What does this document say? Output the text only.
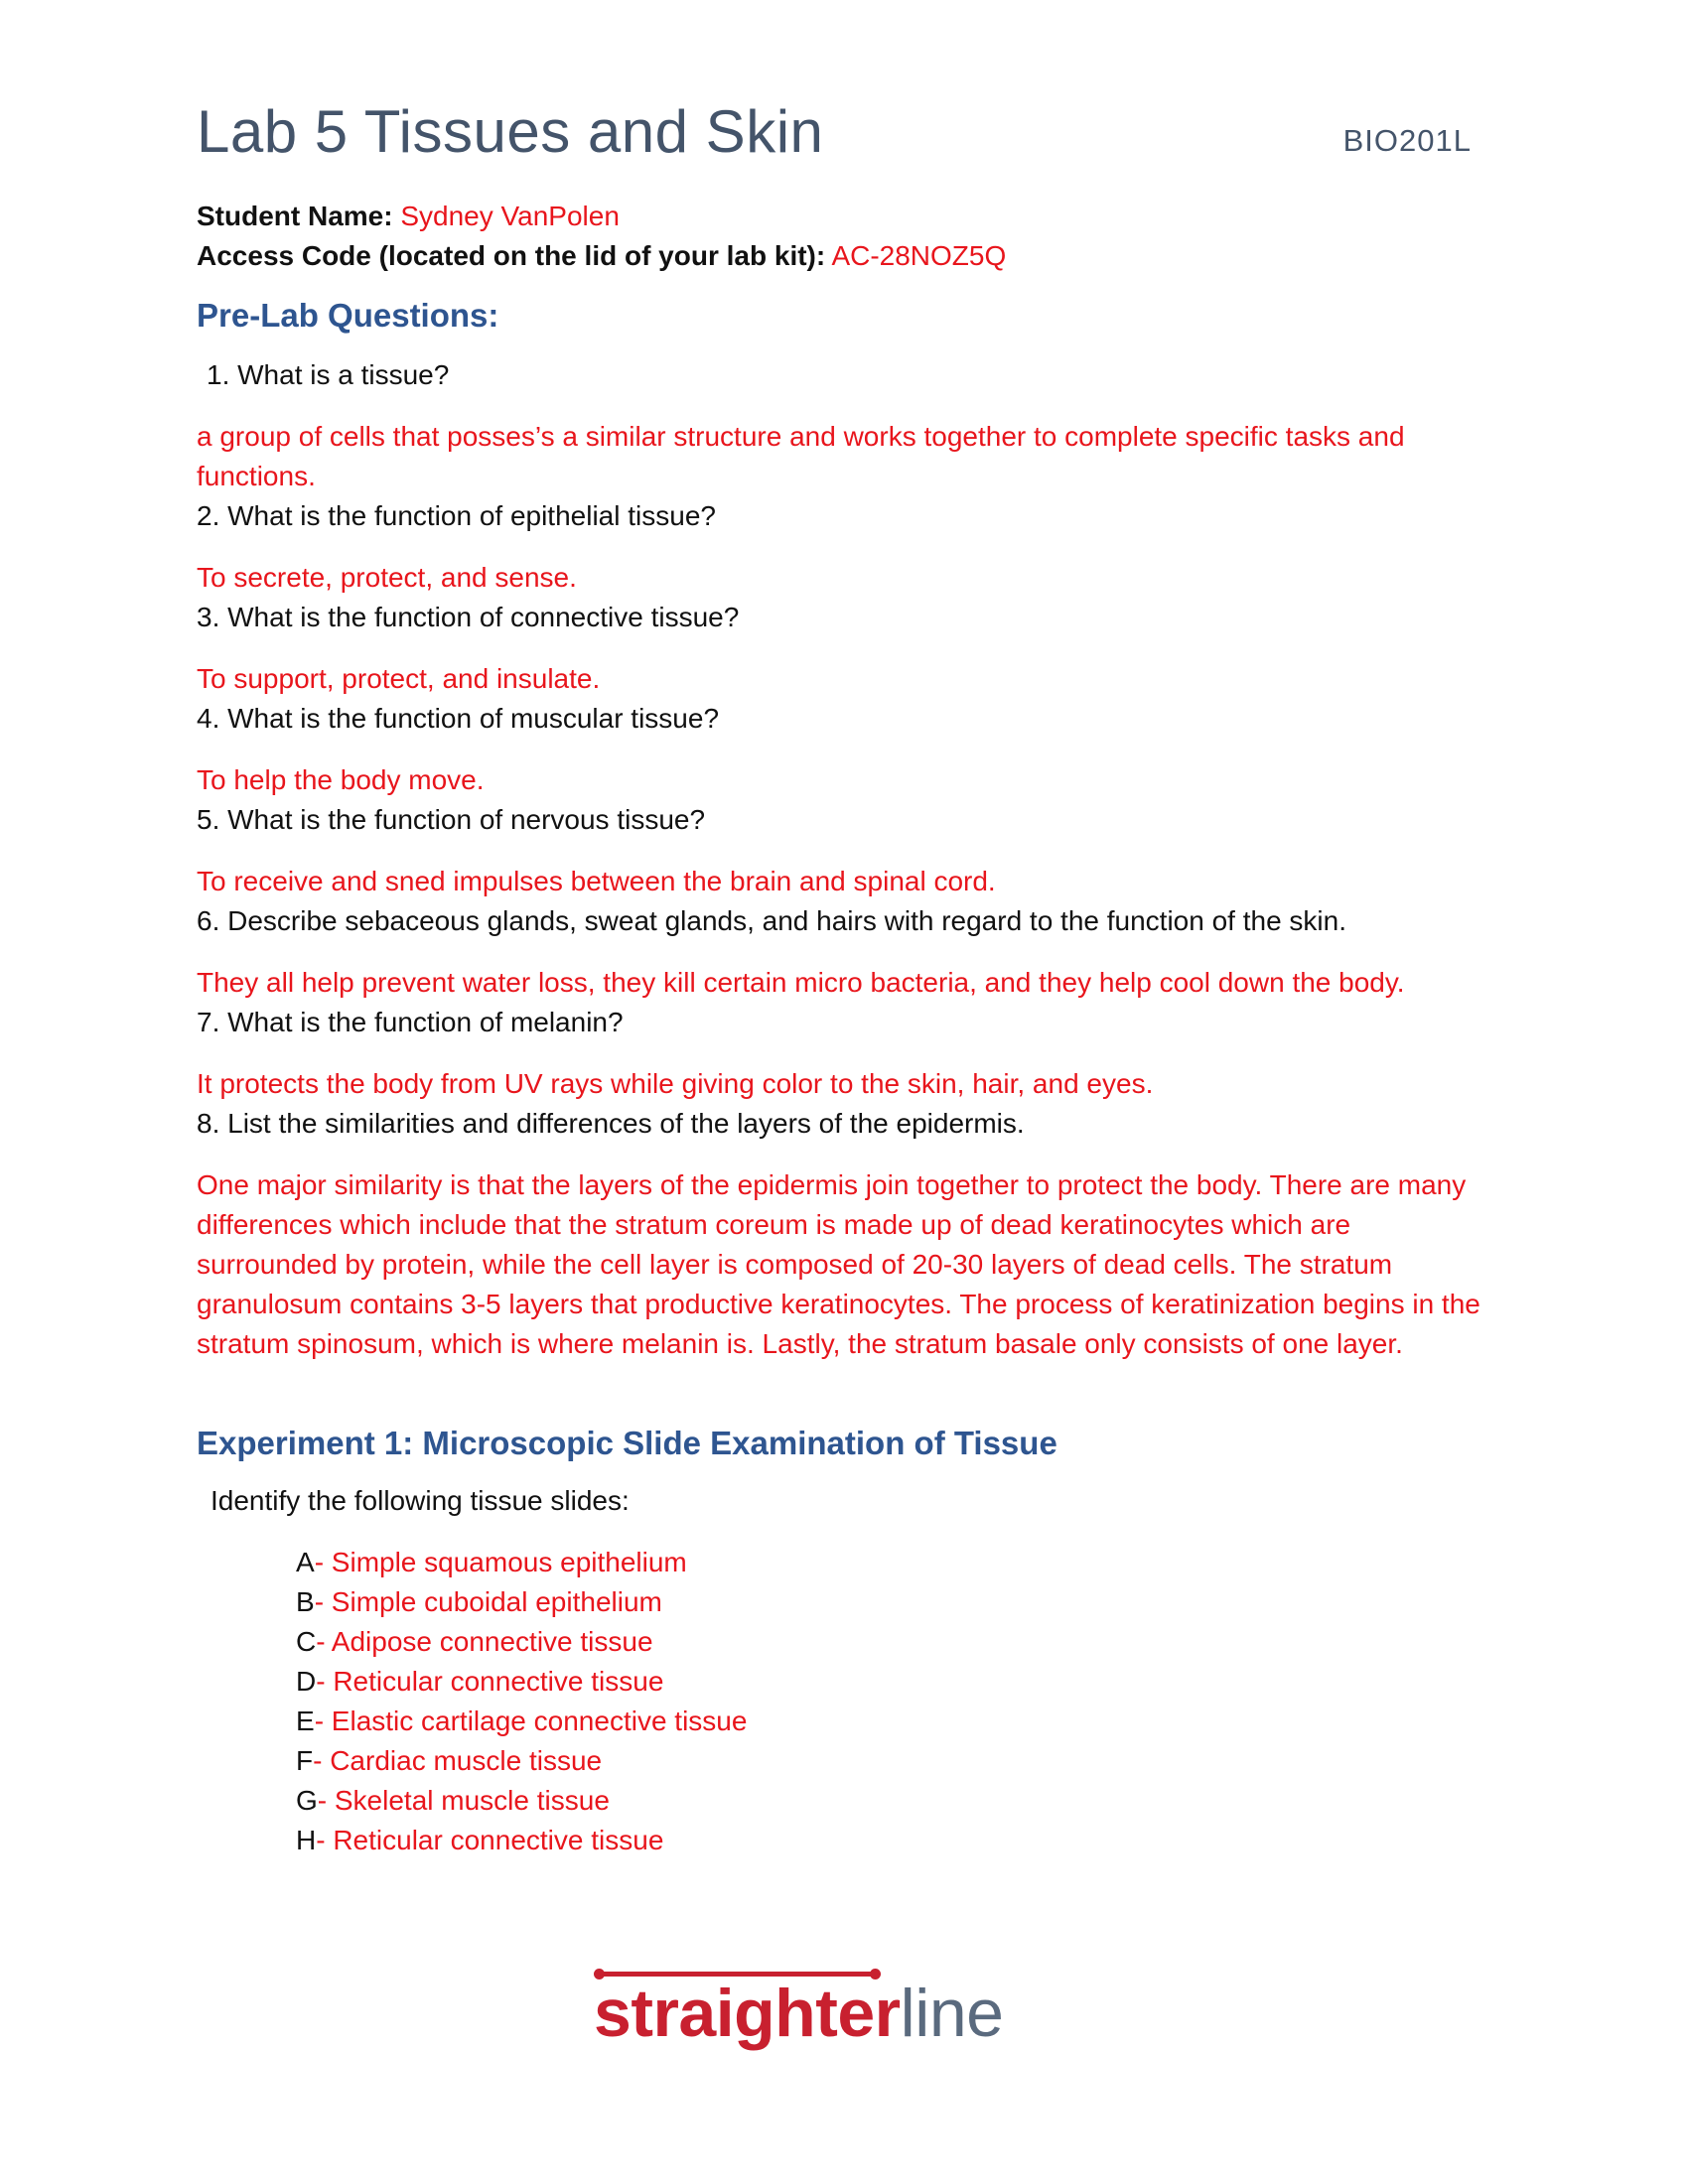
Lab 5 Tissues and Skin	BIO201L
Student Name: Sydney VanPolen
Access Code (located on the lid of your lab kit): AC-28NOZ5Q
Pre-Lab Questions:
1. What is a tissue?
a group of cells that posses’s a similar structure and works together to complete specific tasks and functions.
2. What is the function of epithelial tissue?
To secrete, protect, and sense.
3. What is the function of connective tissue?
To support, protect, and insulate.
4. What is the function of muscular tissue?
To help the body move.
5. What is the function of nervous tissue?
To receive and sned impulses between the brain and spinal cord.
6. Describe sebaceous glands, sweat glands, and hairs with regard to the function of the skin.
They all help prevent water loss, they kill certain micro bacteria, and they help cool down the body.
7. What is the function of melanin?
It protects the body from UV rays while giving color to the skin, hair, and eyes.
8. List the similarities and differences of the layers of the epidermis.
One major similarity is that the layers of the epidermis join together to protect the body. There are many differences which include that the stratum coreum is made up of dead keratinocytes which are surrounded by protein, while the cell layer is composed of 20-30 layers of dead cells. The stratum granulosum contains 3-5 layers that productive keratinocytes. The process of keratinization begins in the stratum spinosum, which is where melanin is. Lastly, the stratum basale only consists of one layer.
Experiment 1: Microscopic Slide Examination of Tissue
Identify the following tissue slides:
A- Simple squamous epithelium
B- Simple cuboidal epithelium
C- Adipose connective tissue
D- Reticular connective tissue
E- Elastic cartilage connective tissue
F- Cardiac muscle tissue
G- Skeletal muscle tissue
H- Reticular connective tissue
straighterline
